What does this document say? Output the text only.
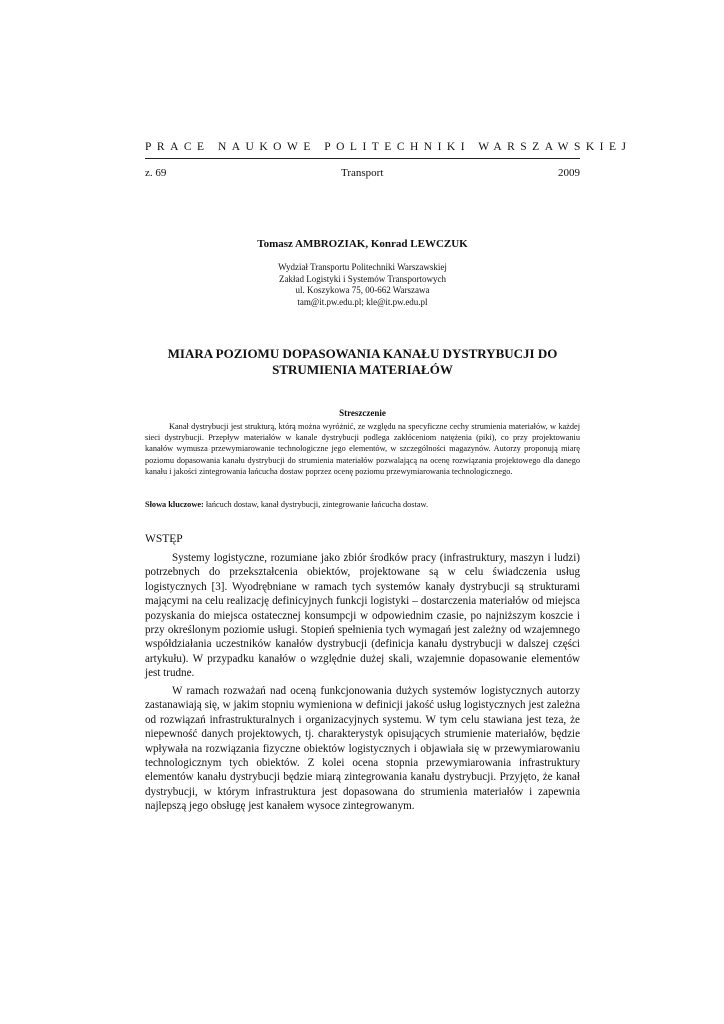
PRACE NAUKOWE POLITECHNIKI WARSZAWSKIEJ
z. 69	Transport	2009
Tomasz AMBROZIAK, Konrad LEWCZUK
Wydział Transportu Politechniki Warszawskiej
Zakład Logistyki i Systemów Transportowych
ul. Koszykowa 75, 00-662 Warszawa
tam@it.pw.edu.pl; kle@it.pw.edu.pl
MIARA POZIOMU DOPASOWANIA KANAŁU DYSTRYBUCJI DO STRUMIENIA MATERIAŁÓW
Streszczenie

Kanał dystrybucji jest strukturą, którą można wyróżnić, ze względu na specyficzne cechy strumienia materiałów, w każdej sieci dystrybucji. Przepływ materiałów w kanale dystrybucji podlega zakłóceniom natężenia (piki), co przy projektowaniu kanałów wymusza przewymiarowanie technologiczne jego elementów, w szczególności magazynów. Autorzy proponują miarę poziomu dopasowania kanału dystrybucji do strumienia materiałów pozwalającą na ocenę rozwiązania projektowego dla danego kanału i jakości zintegrowania łańcucha dostaw poprzez ocenę poziomu przewymiarowania technologicznego.

Słowa kluczowe: łańcuch dostaw, kanał dystrybucji, zintegrowanie łańcucha dostaw.
WSTĘP

Systemy logistyczne, rozumiane jako zbiór środków pracy (infrastruktury, maszyn i ludzi) potrzebnych do przekształcenia obiektów, projektowane są w celu świadczenia usług logistycznych [3]. Wyodrębniane w ramach tych systemów kanały dystrybucji są strukturami mającymi na celu realizację definicyjnych funkcji logistyki – dostarczenia materiałów od miejsca pozyskania do miejsca ostatecznej konsumpcji w odpowiednim czasie, po najniższym koszcie i przy określonym poziomie usługi. Stopień spełnienia tych wymagań jest zależny od wzajemnego współdziałania uczestników kanałów dystrybucji (definicja kanału dystrybucji w dalszej części artykułu). W przypadku kanałów o względnie dużej skali, wzajemnie dopasowanie elementów jest trudne.

W ramach rozważań nad oceną funkcjonowania dużych systemów logistycznych autorzy zastanawiają się, w jakim stopniu wymieniona w definicji jakość usług logistycznych jest zależna od rozwiązań infrastrukturalnych i organizacyjnych systemu. W tym celu stawiana jest teza, że niepewność danych projektowych, tj. charakterystyk opisujących strumienie materiałów, będzie wpływała na rozwiązania fizyczne obiektów logistycznych i objawiała się w przewymiarowaniu technologicznym tych obiektów. Z kolei ocena stopnia przewymiarowania infrastruktury elementów kanału dystrybucji będzie miarą zintegrowania kanału dystrybucji. Przyjęto, że kanał dystrybucji, w którym infrastruktura jest dopasowana do strumienia materiałów i zapewnia najlepszą jego obsługę jest kanałem wysoce zintegrowanym.
